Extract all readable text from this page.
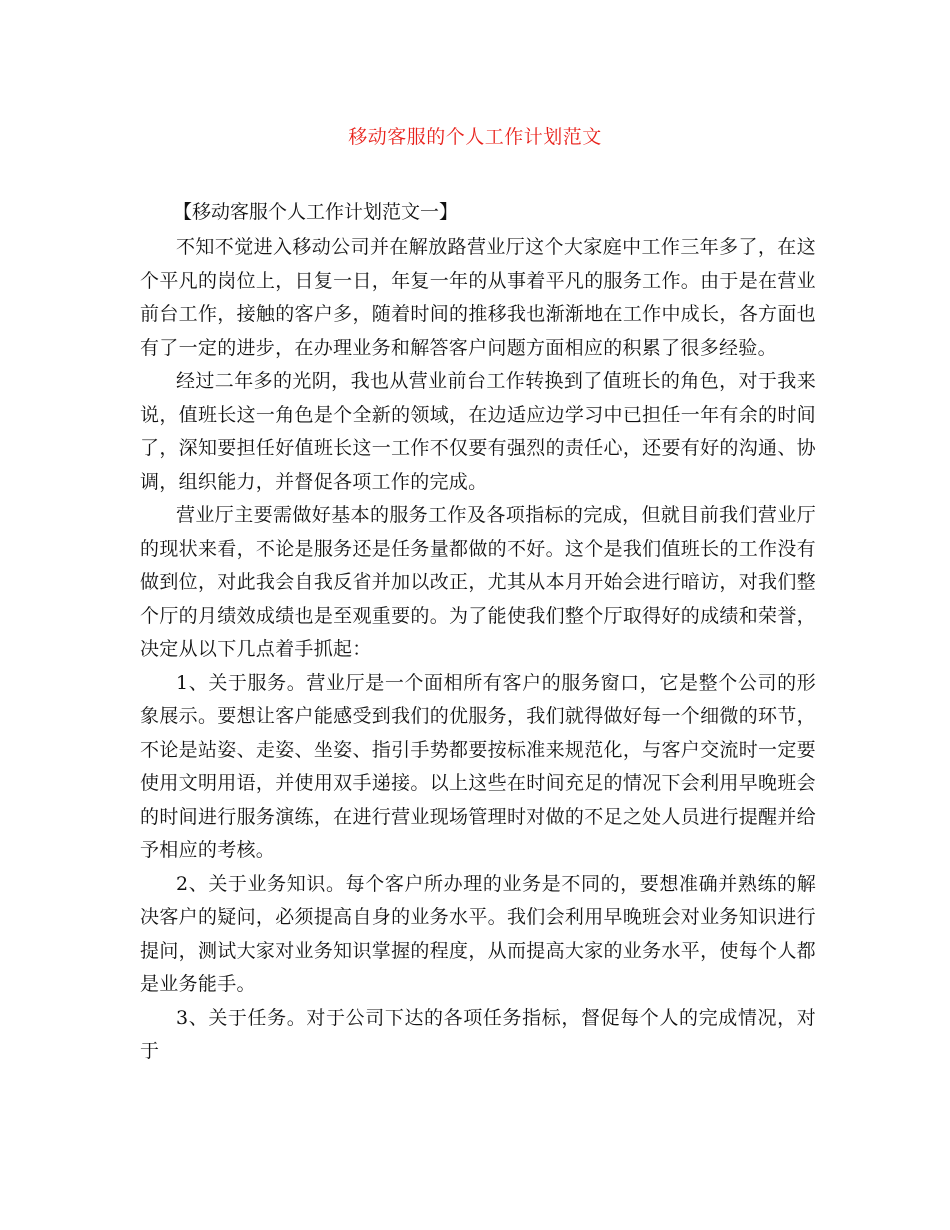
移动客服的个人工作计划范文

【移动客服个人工作计划范文一】

不知不觉进入移动公司并在解放路营业厅这个大家庭中工作三年多了，在这个平凡的岗位上，日复一日，年复一年的从事着平凡的服务工作。由于是在营业前台工作，接触的客户多，随着时间的推移我也渐渐地在工作中成长，各方面也有了一定的进步，在办理业务和解答客户问题方面相应的积累了很多经验。

经过二年多的光阴，我也从营业前台工作转换到了值班长的角色，对于我来说，值班长这一角色是个全新的领域，在边适应边学习中已担任一年有余的时间了，深知要担任好值班长这一工作不仅要有强烈的责任心，还要有好的沟通、协调，组织能力，并督促各项工作的完成。

营业厅主要需做好基本的服务工作及各项指标的完成，但就目前我们营业厅的现状来看，不论是服务还是任务量都做的不好。这个是我们值班长的工作没有做到位，对此我会自我反省并加以改正，尤其从本月开始会进行暗访，对我们整个厅的月绩效成绩也是至观重要的。为了能使我们整个厅取得好的成绩和荣誉，决定从以下几点着手抓起：

1、关于服务。营业厅是一个面相所有客户的服务窗口，它是整个公司的形象展示。要想让客户能感受到我们的优服务，我们就得做好每一个细微的环节，不论是站姿、走姿、坐姿、指引手势都要按标准来规范化，与客户交流时一定要使用文明用语，并使用双手递接。以上这些在时间充足的情况下会利用早晚班会的时间进行服务演练，在进行营业现场管理时对做的不足之处人员进行提醒并给予相应的考核。

2、关于业务知识。每个客户所办理的业务是不同的，要想准确并熟练的解决客户的疑问，必须提高自身的业务水平。我们会利用早晚班会对业务知识进行提问，测试大家对业务知识掌握的程度，从而提高大家的业务水平，使每个人都是业务能手。

3、关于任务。对于公司下达的各项任务指标，督促每个人的完成情况，对于
